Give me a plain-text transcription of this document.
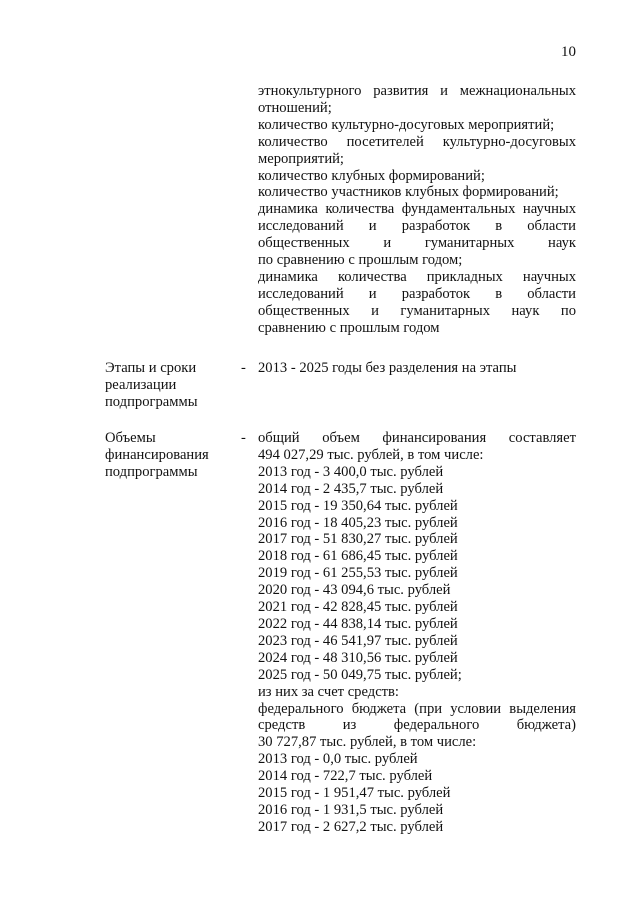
10
этнокультурного развития и межнациональных
отношений;
количество культурно-досуговых мероприятий;
количество посетителей культурно-досуговых
мероприятий;
количество клубных формирований;
количество участников клубных формирований;
динамика количества фундаментальных научных
исследований и разработок в области
общественных и гуманитарных наук
по сравнению с прошлым годом;
динамика количества прикладных научных
исследований и разработок в области
общественных и гуманитарных наук по
сравнению с прошлым годом
Этапы и сроки
реализации
подпрограммы
- 2013 - 2025 годы без разделения на этапы
Объемы
финансирования
подпрограммы
- общий объем финансирования составляет
494 027,29 тыс. рублей, в том числе:
2013 год - 3 400,0 тыс. рублей
2014 год - 2 435,7 тыс. рублей
2015 год - 19 350,64 тыс. рублей
2016 год - 18 405,23 тыс. рублей
2017 год - 51 830,27 тыс. рублей
2018 год - 61 686,45 тыс. рублей
2019 год - 61 255,53 тыс. рублей
2020 год - 43 094,6 тыс. рублей
2021 год - 42 828,45 тыс. рублей
2022 год - 44 838,14 тыс. рублей
2023 год - 46 541,97 тыс. рублей
2024 год - 48 310,56 тыс. рублей
2025 год - 50 049,75 тыс. рублей;
из них за счет средств:
федерального бюджета (при условии выделения
средств из федерального бюджета)
30 727,87 тыс. рублей, в том числе:
2013 год - 0,0 тыс. рублей
2014 год - 722,7 тыс. рублей
2015 год - 1 951,47 тыс. рублей
2016 год - 1 931,5 тыс. рублей
2017 год - 2 627,2 тыс. рублей
